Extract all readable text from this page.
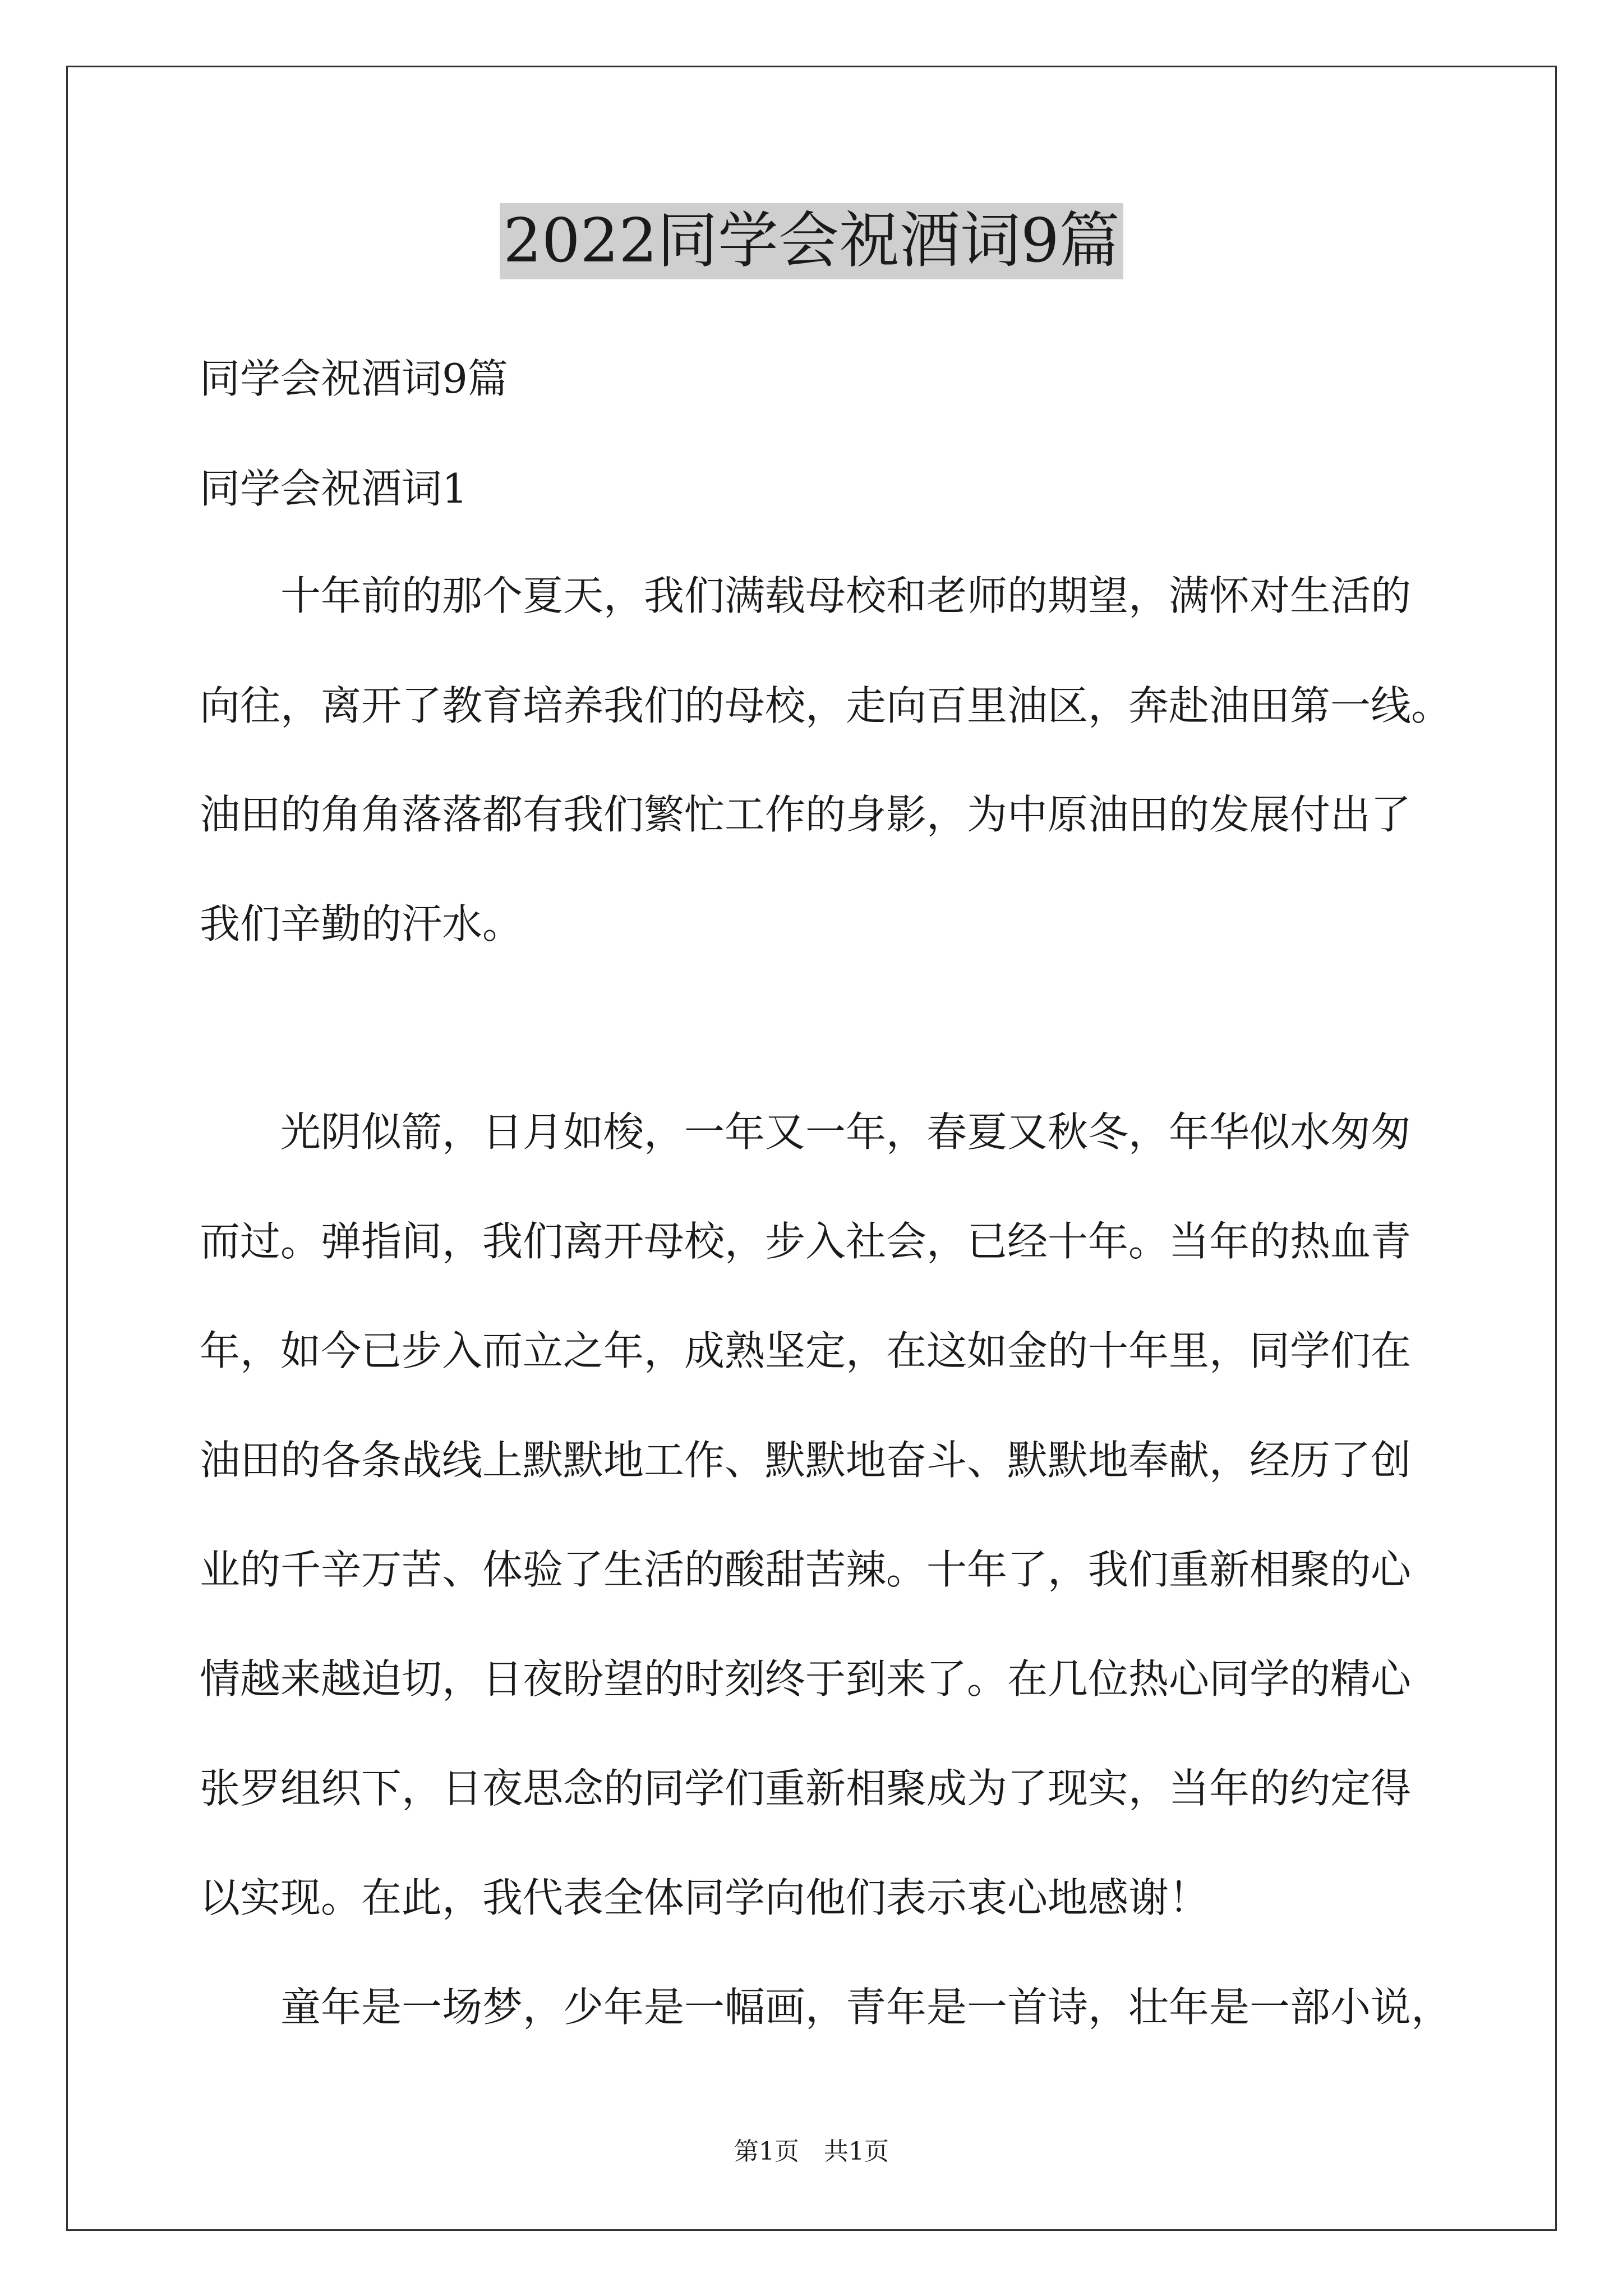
2022同学会祝酒词9篇
同学会祝酒词9篇
同学会祝酒词1
　　十年前的那个夏天，我们满载母校和老师的期望，满怀对生活的
向往，离开了教育培养我们的母校，走向百里油区，奔赴油田第一线。
油田的角角落落都有我们繁忙工作的身影，为中原油田的发展付出了
我们辛勤的汗水。
　　光阴似箭，日月如梭，一年又一年，春夏又秋冬，年华似水匆匆
而过。弹指间，我们离开母校，步入社会，已经十年。当年的热血青
年，如今已步入而立之年，成熟坚定，在这如金的十年里，同学们在
油田的各条战线上默默地工作、默默地奋斗、默默地奉献，经历了创
业的千辛万苦、体验了生活的酸甜苦辣。十年了，我们重新相聚的心
情越来越迫切，日夜盼望的时刻终于到来了。在几位热心同学的精心
张罗组织下，日夜思念的同学们重新相聚成为了现实，当年的约定得
以实现。在此，我代表全体同学向他们表示衷心地感谢！
　　童年是一场梦，少年是一幅画，青年是一首诗，壮年是一部小说，
第1页　共1页
